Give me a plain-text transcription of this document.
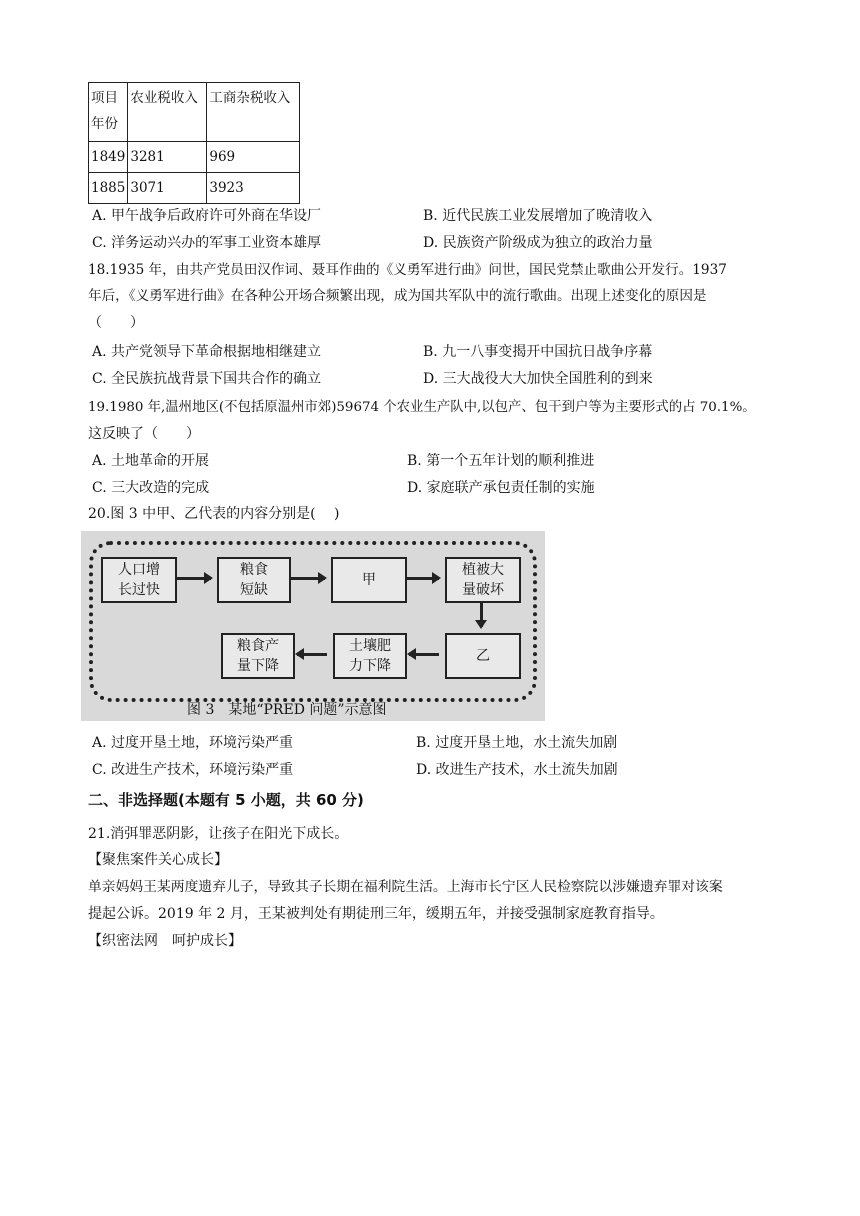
项目年份	农业税收入	工商杂税收入
1849	3281	969
1885	3071	3923
A. 甲午战争后政府许可外商在华设厂	B. 近代民族工业发展增加了晚清收入
C. 洋务运动兴办的军事工业资本雄厚	D. 民族资产阶级成为独立的政治力量
18.1935 年，由共产党员田汉作词、聂耳作曲的《义勇军进行曲》问世，国民党禁止歌曲公开发行。1937
年后，《义勇军进行曲》在各种公开场合频繁出现，成为国共军队中的流行歌曲。出现上述变化的原因是
（　　）
A. 共产党领导下革命根据地相继建立	B. 九一八事变揭开中国抗日战争序幕
C. 全民族抗战背景下国共合作的确立	D. 三大战役大大加快全国胜利的到来
19.1980 年,温州地区(不包括原温州市郊)59674 个农业生产队中,以包产、包干到户等为主要形式的占 70.1%。
这反映了（　　）
A. 土地革命的开展	B. 第一个五年计划的顺利推进
C. 三大改造的完成	D. 家庭联产承包责任制的实施
20.图 3 中甲、乙代表的内容分别是(　 )
人口增
长过快
粮食
短缺
甲
植被大
量破坏
乙
土壤肥
力下降
粮食产
量下降
图 3　某地“PRED 问题”示意图
A. 过度开垦土地，环境污染严重	B. 过度开垦土地，水土流失加剧
C. 改进生产技术，环境污染严重	D. 改进生产技术，水土流失加剧
二、非选择题(本题有 5 小题，共 60 分)
21.消弭罪恶阴影，让孩子在阳光下成长。
【聚焦案件关心成长】
单亲妈妈王某两度遗弃儿子，导致其子长期在福利院生活。上海市长宁区人民检察院以涉嫌遗弃罪对该案
提起公诉。2019 年 2 月，王某被判处有期徒刑三年，缓期五年，并接受强制家庭教育指导。
【织密法网　呵护成长】
